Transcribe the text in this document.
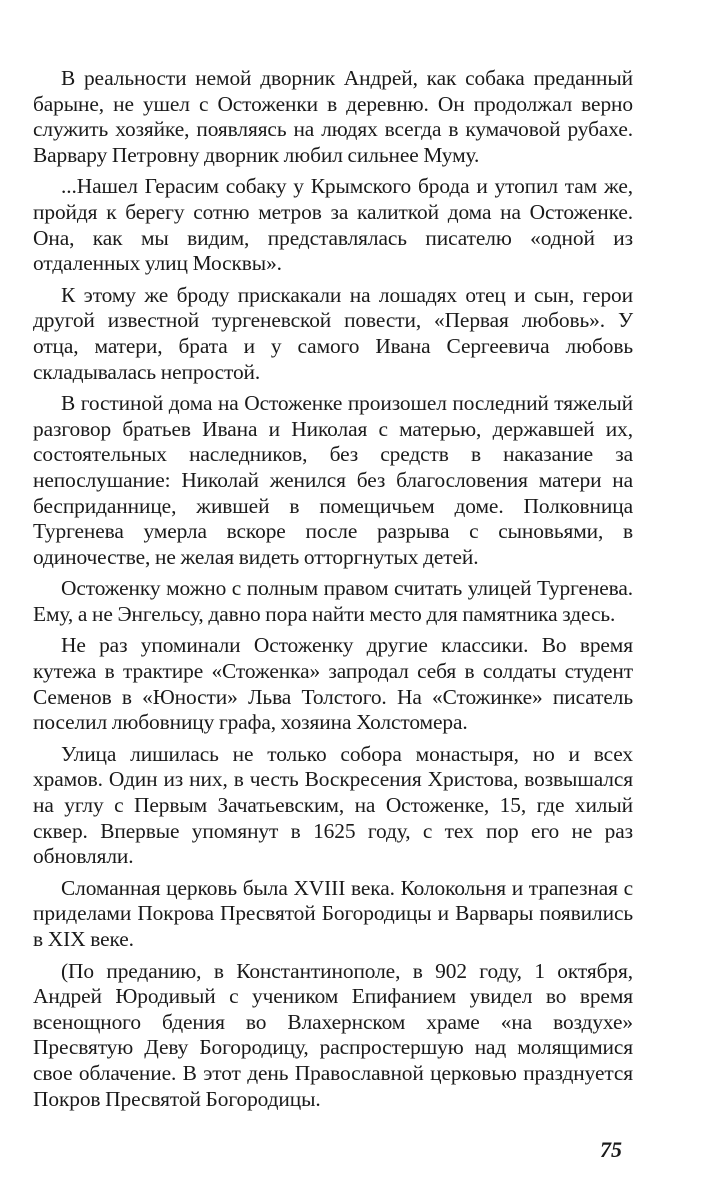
В реальности немой дворник Андрей, как собака преданный барыне, не ушел с Остоженки в деревню. Он продолжал верно служить хозяйке, появляясь на людях всегда в кумачовой рубахе. Варвару Петровну дворник любил сильнее Муму.

...Нашел Герасим собаку у Крымского брода и утопил там же, пройдя к берегу сотню метров за калиткой дома на Остоженке. Она, как мы видим, представлялась писателю «одной из отдаленных улиц Москвы».

К этому же броду прискакали на лошадях отец и сын, герои другой известной тургеневской повести, «Первая любовь». У отца, матери, брата и у самого Ивана Сергеевича любовь складывалась непростой.

В гостиной дома на Остоженке произошел последний тяжелый разговор братьев Ивана и Николая с матерью, державшей их, состоятельных наследников, без средств в наказание за непослушание: Николай женился без благословения матери на бесприданнице, жившей в помещичьем доме. Полковница Тургенева умерла вскоре после разрыва с сыновьями, в одиночестве, не желая видеть отторгнутых детей.

Остоженку можно с полным правом считать улицей Тургенева. Ему, а не Энгельсу, давно пора найти место для памятника здесь.

Не раз упоминали Остоженку другие классики. Во время кутежа в трактире «Стоженка» запродал себя в солдаты студент Семенов в «Юности» Льва Толстого. На «Стожинке» писатель поселил любовницу графа, хозяина Холстомера.

Улица лишилась не только собора монастыря, но и всех храмов. Один из них, в честь Воскресения Христова, возвышался на углу с Первым Зачатьевским, на Остоженке, 15, где хилый сквер. Впервые упомянут в 1625 году, с тех пор его не раз обновляли.

Сломанная церковь была XVIII века. Колокольня и трапезная с приделами Покрова Пресвятой Богородицы и Варвары появились в XIX веке.

(По преданию, в Константинополе, в 902 году, 1 октября, Андрей Юродивый с учеником Епифанием увидел во время всенощного бдения во Влахернском храме «на воздухе» Пресвятую Деву Богородицу, распростершую над молящимися свое облачение. В этот день Православной церковью празднуется Покров Пресвятой Богородицы.

75
